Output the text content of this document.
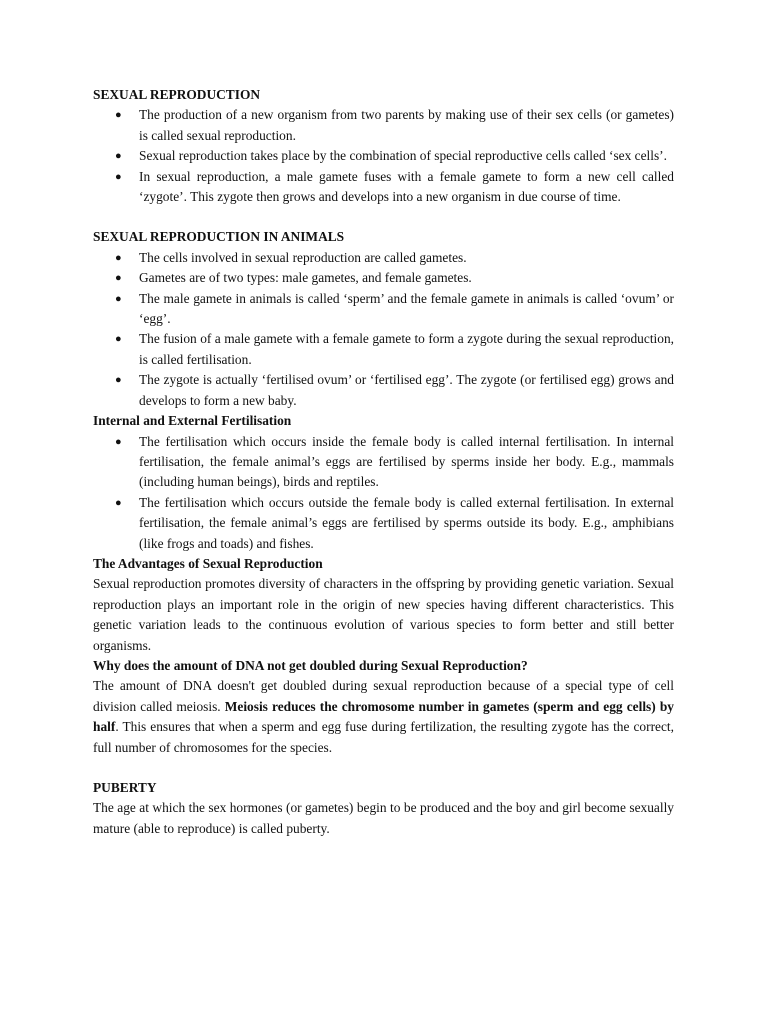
SEXUAL REPRODUCTION
● The production of a new organism from two parents by making use of their sex cells (or gametes) is called sexual reproduction.
● Sexual reproduction takes place by the combination of special reproductive cells called ‘sex cells’.
● In sexual reproduction, a male gamete fuses with a female gamete to form a new cell called ‘zygote’. This zygote then grows and develops into a new organism in due course of time.
SEXUAL REPRODUCTION IN ANIMALS
● The cells involved in sexual reproduction are called gametes.
● Gametes are of two types: male gametes, and female gametes.
● The male gamete in animals is called ‘sperm’ and the female gamete in animals is called ‘ovum’ or ‘egg’.
● The fusion of a male gamete with a female gamete to form a zygote during the sexual reproduction, is called fertilisation.
● The zygote is actually ‘fertilised ovum’ or ‘fertilised egg’. The zygote (or fertilised egg) grows and develops to form a new baby.
Internal and External Fertilisation
● The fertilisation which occurs inside the female body is called internal fertilisation. In internal fertilisation, the female animal’s eggs are fertilised by sperms inside her body. E.g., mammals (including human beings), birds and reptiles.
● The fertilisation which occurs outside the female body is called external fertilisation. In external fertilisation, the female animal’s eggs are fertilised by sperms outside its body. E.g., amphibians (like frogs and toads) and fishes.
The Advantages of Sexual Reproduction

Sexual reproduction promotes diversity of characters in the offspring by providing genetic variation. Sexual reproduction plays an important role in the origin of new species having different characteristics. This genetic variation leads to the continuous evolution of various species to form better and still better organisms.

Why does the amount of DNA not get doubled during Sexual Reproduction?

The amount of DNA doesn't get doubled during sexual reproduction because of a special type of cell division called meiosis. Meiosis reduces the chromosome number in gametes (sperm and egg cells) by half. This ensures that when a sperm and egg fuse during fertilization, the resulting zygote has the correct, full number of chromosomes for the species.

PUBERTY

The age at which the sex hormones (or gametes) begin to be produced and the boy and girl become sexually mature (able to reproduce) is called puberty.
